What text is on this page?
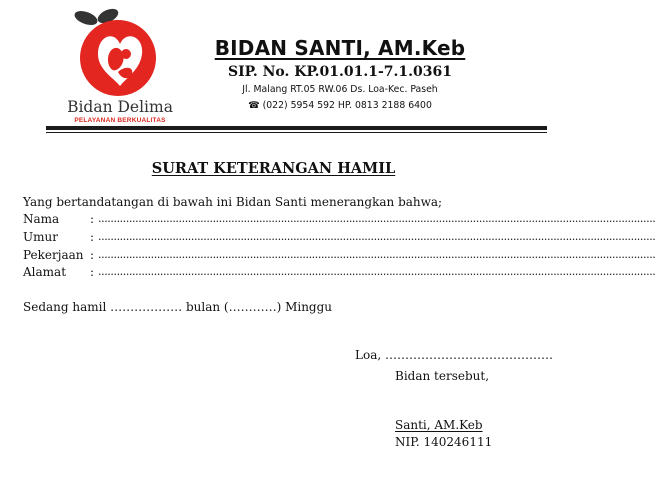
Bidan Delima
PELAYANAN BERKUALITAS
BIDAN SANTI, AM.Keb
SIP. No. KP.01.01.1-7.1.0361
Jl. Malang RT.05 RW.06 Ds. Loa-Kec. Paseh
☎ (022) 5954 592 HP. 0813 2188 6400
SURAT KETERANGAN HAMIL
Yang bertandatangan di bawah ini Bidan Santi menerangkan bahwa;
Nama	: ....................................................................................................................................................................................
Umur	: ....................................................................................................................................................................................
Pekerjaan : ....................................................................................................................................................................................
Alamat : ....................................................................................................................................................................................
Sedang hamil ……………… bulan (…………) Minggu
Loa, ……………………………………
Bidan tersebut,
Santi, AM.Keb
NIP. 140246111
